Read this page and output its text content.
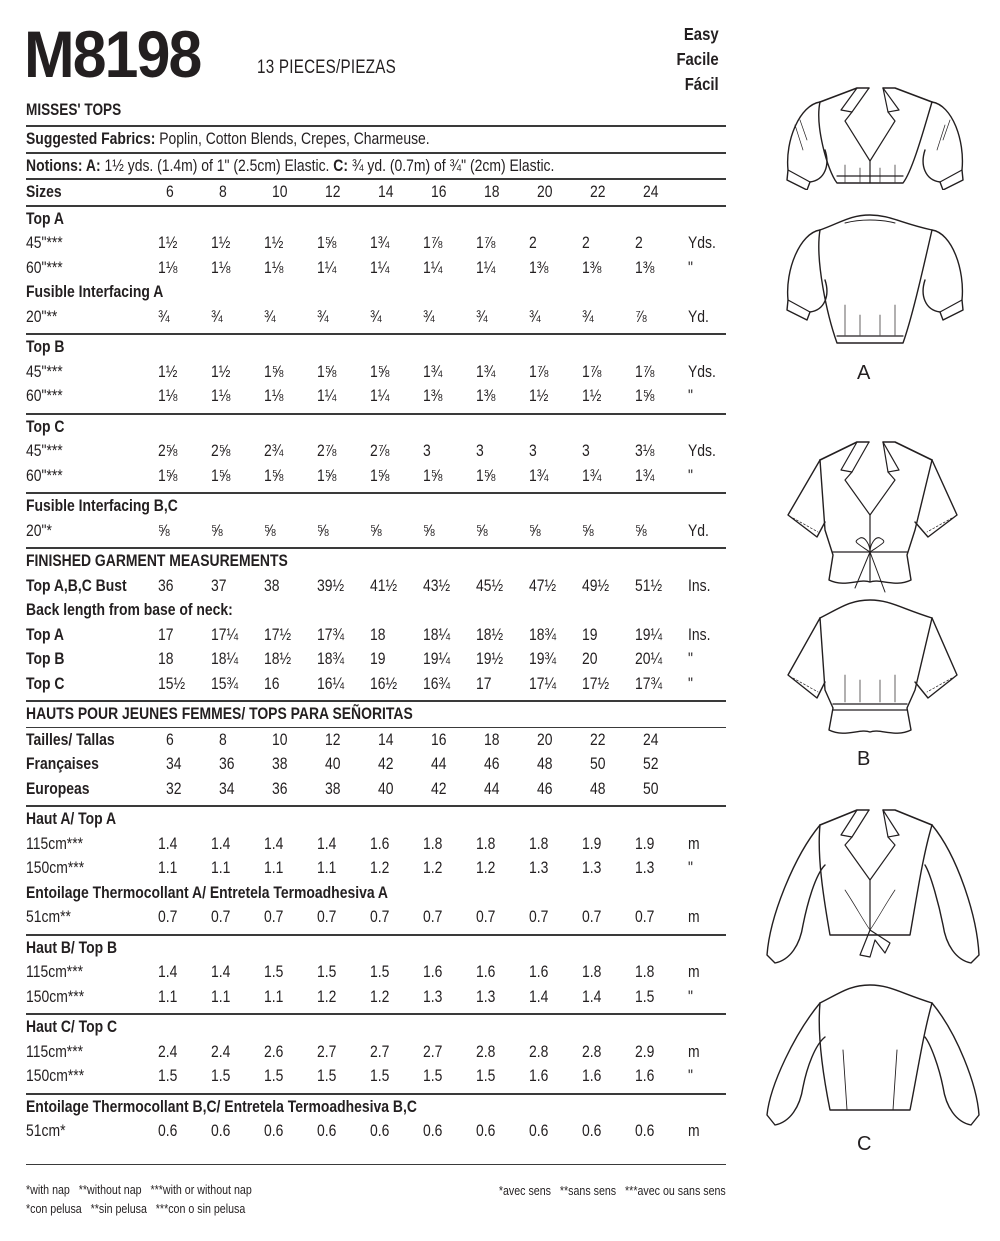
M8198	13 PIECES/PIEZAS
Easy
Facile
Fácil
MISSES' TOPS
Suggested Fabrics: Poplin, Cotton Blends, Crepes, Charmeuse.
Notions: A: 1½ yds. (1.4m) of 1" (2.5cm) Elastic. C: ¾ yd. (0.7m) of ¾" (2cm) Elastic.
Sizes	6	8	10	12	14	16	18	20	22	24
Top A
45"***	1½	1½	1½	1⅝	1¾	1⅞	1⅞	2	2	2	Yds.
60"***	1⅛	1⅛	1⅛	1¼	1¼	1¼	1¼	1⅜	1⅜	1⅜	"
Fusible Interfacing A
20"**	¾	¾	¾	¾	¾	¾	¾	¾	¾	⅞	Yd.
Top B
45"***	1½	1½	1⅝	1⅝	1⅝	1¾	1¾	1⅞	1⅞	1⅞	Yds.
60"***	1⅛	1⅛	1⅛	1¼	1¼	1⅜	1⅜	1½	1½	1⅝	"
Top C
45"***	2⅝	2⅝	2¾	2⅞	2⅞	3	3	3	3	3⅛	Yds.
60"***	1⅝	1⅝	1⅝	1⅝	1⅝	1⅝	1⅝	1¾	1¾	1¾	"
Fusible Interfacing B,C
20"*	⅝	⅝	⅝	⅝	⅝	⅝	⅝	⅝	⅝	⅝	Yd.
FINISHED GARMENT MEASUREMENTS
Top A,B,C Bust	36	37	38	39½	41½	43½	45½	47½	49½	51½	Ins.
Back length from base of neck:
Top A	17	17¼	17½	17¾	18	18¼	18½	18¾	19	19¼	Ins.
Top B	18	18¼	18½	18¾	19	19¼	19½	19¾	20	20¼	"
Top C	15½	15¾	16	16¼	16½	16¾	17	17¼	17½	17¾	"
HAUTS POUR JEUNES FEMMES/ TOPS PARA SEÑORITAS
Tailles/ Tallas	6	8	10	12	14	16	18	20	22	24
Françaises	34	36	38	40	42	44	46	48	50	52
Europeas	32	34	36	38	40	42	44	46	48	50
Haut A/ Top A
115cm***	1.4	1.4	1.4	1.4	1.6	1.8	1.8	1.8	1.9	1.9	m
150cm***	1.1	1.1	1.1	1.1	1.2	1.2	1.2	1.3	1.3	1.3	"
Entoilage Thermocollant A/ Entretela Termoadhesiva A
51cm**	0.7	0.7	0.7	0.7	0.7	0.7	0.7	0.7	0.7	0.7	m
Haut B/ Top B
115cm***	1.4	1.4	1.5	1.5	1.5	1.6	1.6	1.6	1.8	1.8	m
150cm***	1.1	1.1	1.1	1.2	1.2	1.3	1.3	1.4	1.4	1.5	"
Haut C/ Top C
115cm***	2.4	2.4	2.6	2.7	2.7	2.7	2.8	2.8	2.8	2.9	m
150cm***	1.5	1.5	1.5	1.5	1.5	1.5	1.5	1.6	1.6	1.6	"
Entoilage Thermocollant B,C/ Entretela Termoadhesiva B,C
51cm*	0.6	0.6	0.6	0.6	0.6	0.6	0.6	0.6	0.6	0.6	m
*with nap   **without nap   ***with or without nap
*con pelusa   **sin pelusa   ***con o sin pelusa
*avec sens   **sans sens   ***avec ou sans sens
A
B
C
